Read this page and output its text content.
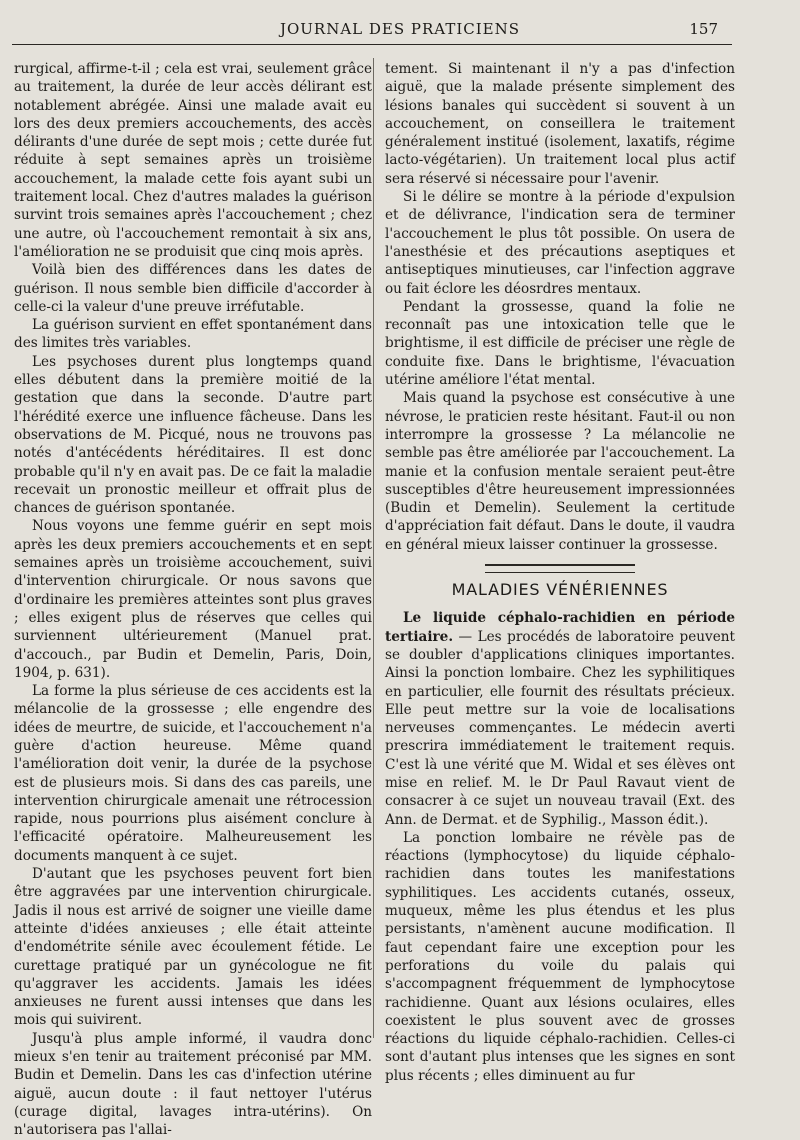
JOURNAL DES PRATICIENS	157

rurgical, affirme-t-il ; cela est vrai, seulement grâce au traitement, la durée de leur accès délirant est notablement abrégée. Ainsi une malade avait eu lors des deux premiers accouchements, des accès délirants d'une durée de sept mois ; cette durée fut réduite à sept semaines après un troisième accouchement, la malade cette fois ayant subi un traitement local. Chez d'autres malades la guérison survint trois semaines après l'accouchement ; chez une autre, où l'accouchement remontait à six ans, l'amélioration ne se produisit que cinq mois après.

Voilà bien des différences dans les dates de guérison. Il nous semble bien difficile d'accorder à celle-ci la valeur d'une preuve irréfutable.

La guérison survient en effet spontanément dans des limites très variables.

Les psychoses durent plus longtemps quand elles débutent dans la première moitié de la gestation que dans la seconde. D'autre part l'hérédité exerce une influence fâcheuse. Dans les observations de M. Picqué, nous ne trouvons pas notés d'antécédents héréditaires. Il est donc probable qu'il n'y en avait pas. De ce fait la maladie recevait un pronostic meilleur et offrait plus de chances de guérison spontanée.

Nous voyons une femme guérir en sept mois après les deux premiers accouchements et en sept semaines après un troisième accouchement, suivi d'intervention chirurgicale. Or nous savons que d'ordinaire les premières atteintes sont plus graves ; elles exigent plus de réserves que celles qui surviennent ultérieurement (Manuel prat. d'accouch., par Budin et Demelin, Paris, Doin, 1904, p. 631).

La forme la plus sérieuse de ces accidents est la mélancolie de la grossesse ; elle engendre des idées de meurtre, de suicide, et l'accouchement n'a guère d'action heureuse. Même quand l'amélioration doit venir, la durée de la psychose est de plusieurs mois. Si dans des cas pareils, une intervention chirurgicale amenait une rétrocession rapide, nous pourrions plus aisément conclure à l'efficacité opératoire. Malheureusement les documents manquent à ce sujet.

D'autant que les psychoses peuvent fort bien être aggravées par une intervention chirurgicale. Jadis il nous est arrivé de soigner une vieille dame atteinte d'idées anxieuses ; elle était atteinte d'endométrite sénile avec écoulement fétide. Le curettage pratiqué par un gynécologue ne fit qu'aggraver les accidents. Jamais les idées anxieuses ne furent aussi intenses que dans les mois qui suivirent.

Jusqu'à plus ample informé, il vaudra donc mieux s'en tenir au traitement préconisé par MM. Budin et Demelin. Dans les cas d'infection utérine aiguë, aucun doute : il faut nettoyer l'utérus (curage digital, lavages intra-utérins). On n'autorisera pas l'allai-

tement. Si maintenant il n'y a pas d'infection aiguë, que la malade présente simplement des lésions banales qui succèdent si souvent à un accouchement, on conseillera le traitement généralement institué (isolement, laxatifs, régime lacto-végétarien). Un traitement local plus actif sera réservé si nécessaire pour l'avenir.

Si le délire se montre à la période d'expulsion et de délivrance, l'indication sera de terminer l'accouchement le plus tôt possible. On usera de l'anesthésie et des précautions aseptiques et antiseptiques minutieuses, car l'infection aggrave ou fait éclore les déosrdres mentaux.

Pendant la grossesse, quand la folie ne reconnaît pas une intoxication telle que le brightisme, il est difficile de préciser une règle de conduite fixe. Dans le brightisme, l'évacuation utérine améliore l'état mental.

Mais quand la psychose est consécutive à une névrose, le praticien reste hésitant. Faut-il ou non interrompre la grossesse ? La mélancolie ne semble pas être améliorée par l'accouchement. La manie et la confusion mentale seraient peut-être susceptibles d'être heureusement impressionnées (Budin et Demelin). Seulement la certitude d'appréciation fait défaut. Dans le doute, il vaudra en général mieux laisser continuer la grossesse.

MALADIES VÉNÉRIENNES

Le liquide céphalo-rachidien en période tertiaire. — Les procédés de laboratoire peuvent se doubler d'applications cliniques importantes. Ainsi la ponction lombaire. Chez les syphilitiques en particulier, elle fournit des résultats précieux. Elle peut mettre sur la voie de localisations nerveuses commençantes. Le médecin averti prescrira immédiatement le traitement requis. C'est là une vérité que M. Widal et ses élèves ont mise en relief. M. le Dr Paul Ravaut vient de consacrer à ce sujet un nouveau travail (Ext. des Ann. de Dermat. et de Syphilig., Masson édit.).

La ponction lombaire ne révèle pas de réactions (lymphocytose) du liquide céphalo-rachidien dans toutes les manifestations syphilitiques. Les accidents cutanés, osseux, muqueux, même les plus étendus et les plus persistants, n'amènent aucune modification. Il faut cependant faire une exception pour les perforations du voile du palais qui s'accompagnent fréquemment de lymphocytose rachidienne. Quant aux lésions oculaires, elles coexistent le plus souvent avec de grosses réactions du liquide céphalo-rachidien. Celles-ci sont d'autant plus intenses que les signes en sont plus récents ; elles diminuent au fur
